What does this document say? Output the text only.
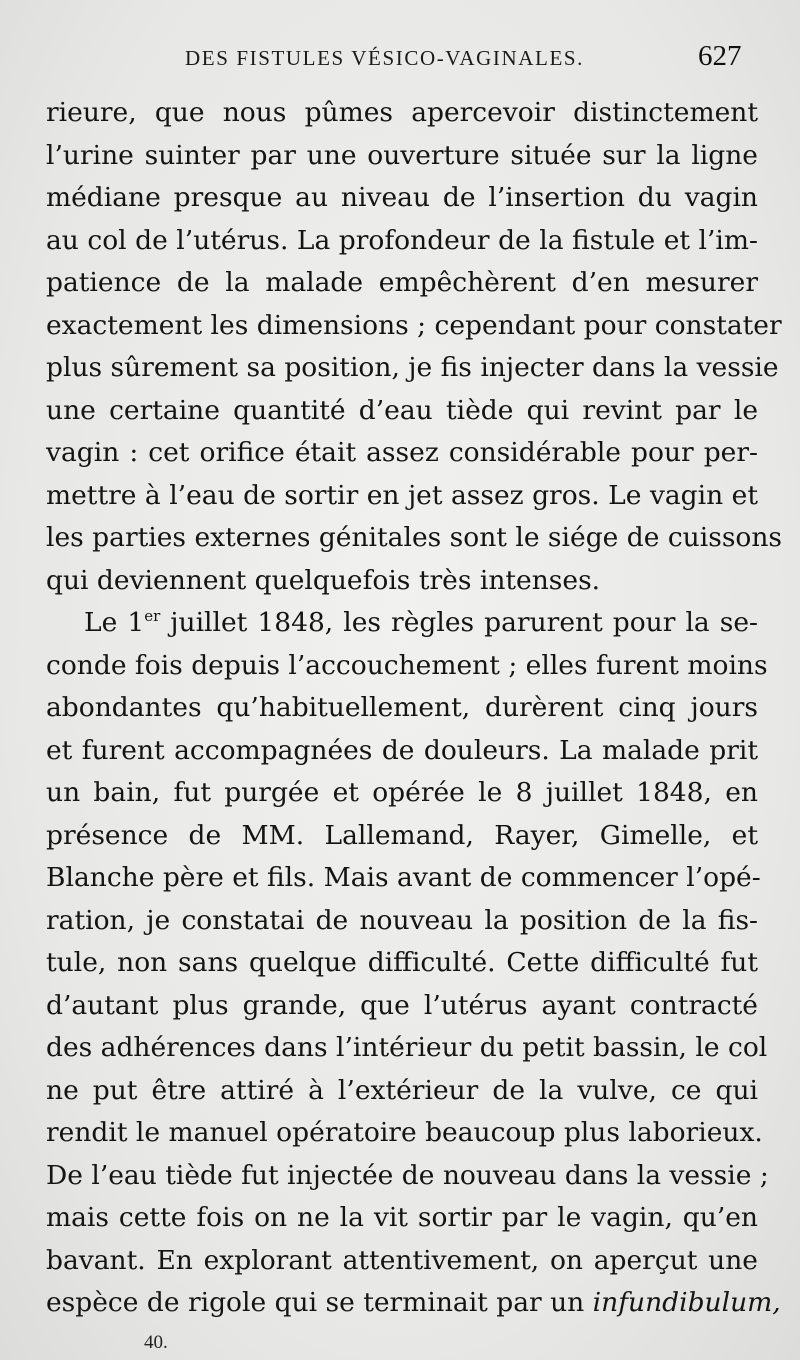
DES FISTULES VÉSICO-VAGINALES.	627
rieure, que nous pûmes apercevoir distinctement
l’urine suinter par une ouverture située sur la ligne
médiane presque au niveau de l’insertion du vagin
au col de l’utérus. La profondeur de la fistule et l’im-
patience de la malade empêchèrent d’en mesurer
exactement les dimensions ; cependant pour constater
plus sûrement sa position, je fis injecter dans la vessie
une certaine quantité d’eau tiède qui revint par le
vagin : cet orifice était assez considérable pour per-
mettre à l’eau de sortir en jet assez gros. Le vagin et
les parties externes génitales sont le siége de cuissons
qui deviennent quelquefois très intenses.
Le 1er juillet 1848, les règles parurent pour la se-
conde fois depuis l’accouchement ; elles furent moins
abondantes qu’habituellement, durèrent cinq jours
et furent accompagnées de douleurs. La malade prit
un bain, fut purgée et opérée le 8 juillet 1848, en
présence de MM. Lallemand, Rayer, Gimelle, et
Blanche père et fils. Mais avant de commencer l’opé-
ration, je constatai de nouveau la position de la fis-
tule, non sans quelque difficulté. Cette difficulté fut
d’autant plus grande, que l’utérus ayant contracté
des adhérences dans l’intérieur du petit bassin, le col
ne put être attiré à l’extérieur de la vulve, ce qui
rendit le manuel opératoire beaucoup plus laborieux.
De l’eau tiède fut injectée de nouveau dans la vessie ;
mais cette fois on ne la vit sortir par le vagin, qu’en
bavant. En explorant attentivement, on aperçut une
espèce de rigole qui se terminait par un infundibulum,
40.
